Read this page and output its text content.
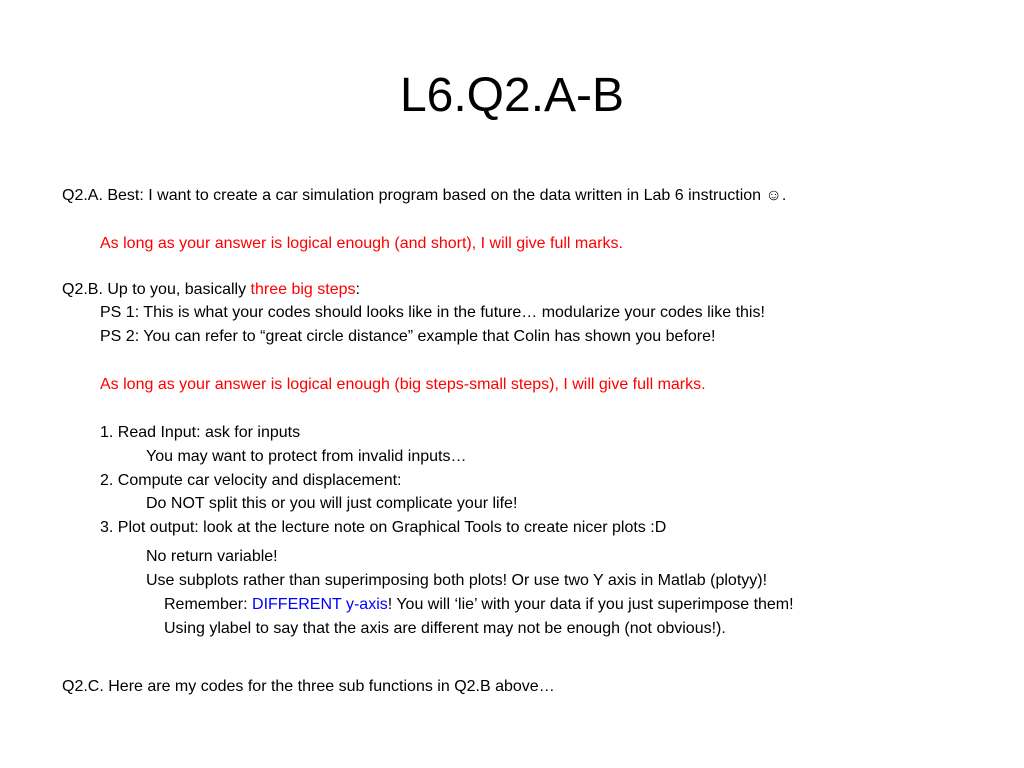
L6.Q2.A-B
Q2.A. Best: I want to create a car simulation program based on the data written in Lab 6 instruction ☺.
As long as your answer is logical enough (and short), I will give full marks.
Q2.B. Up to you, basically three big steps:
PS 1: This is what your codes should looks like in the future… modularize your codes like this!
PS 2: You can refer to “great circle distance” example that Colin has shown you before!
As long as your answer is logical enough (big steps-small steps), I will give full marks.
1. Read Input: ask for inputs
You may want to protect from invalid inputs…
2. Compute car velocity and displacement:
Do NOT split this or you will just complicate your life!
3. Plot output: look at the lecture note on Graphical Tools to create nicer plots :D
No return variable!
Use subplots rather than superimposing both plots! Or use two Y axis in Matlab (plotyy)!
Remember: DIFFERENT y-axis! You will ‘lie’ with your data if you just superimpose them!
Using ylabel to say that the axis are different may not be enough (not obvious!).
Q2.C. Here are my codes for the three sub functions in Q2.B above…
